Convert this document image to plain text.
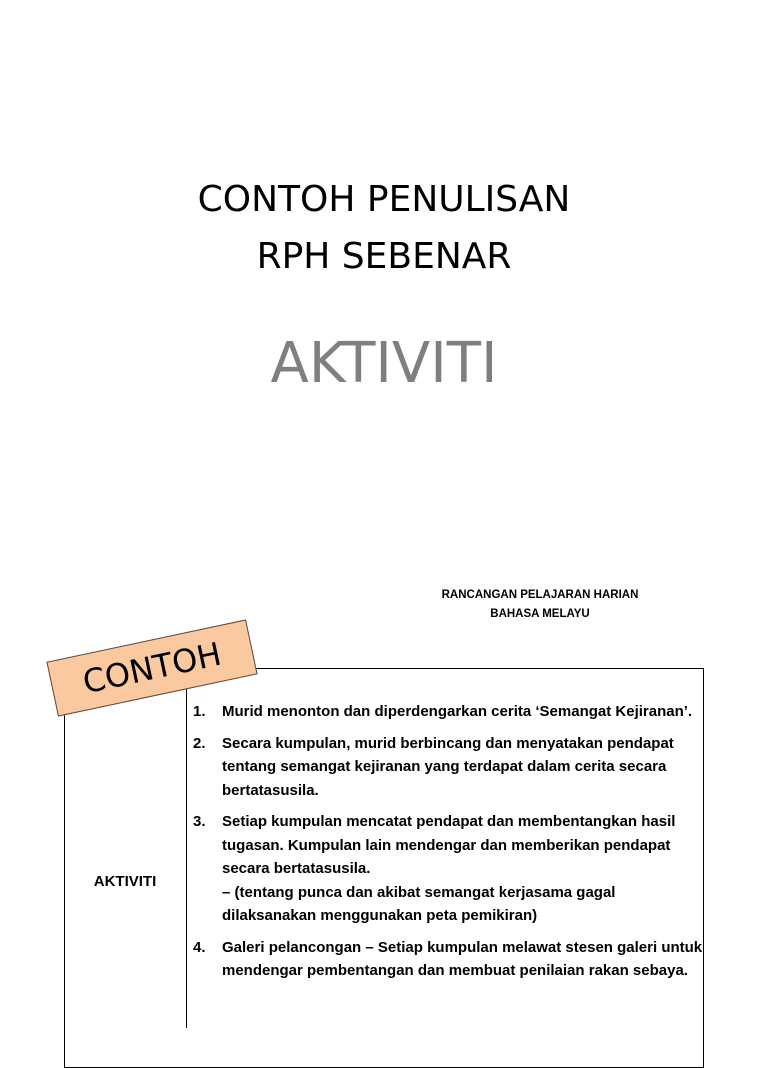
CONTOH PENULISAN
RPH SEBENAR
AKTIVITI
RANCANGAN PELAJARAN HARIAN
BAHASA MELAYU
AKTIVITI
1. Murid menonton dan diperdengarkan cerita ‘Semangat Kejiranan’.
2. Secara kumpulan, murid berbincang dan menyatakan pendapat tentang semangat kejiranan yang terdapat dalam cerita secara bertatasusila.
3. Setiap kumpulan mencatat pendapat dan membentangkan hasil tugasan. Kumpulan lain mendengar dan memberikan pendapat secara bertatasusila.
– (tentang punca dan akibat semangat kerjasama gagal dilaksanakan menggunakan peta pemikiran)
4. Galeri pelancongan – Setiap kumpulan melawat stesen galeri untuk mendengar pembentangan dan membuat penilaian rakan sebaya.
CONTOH
